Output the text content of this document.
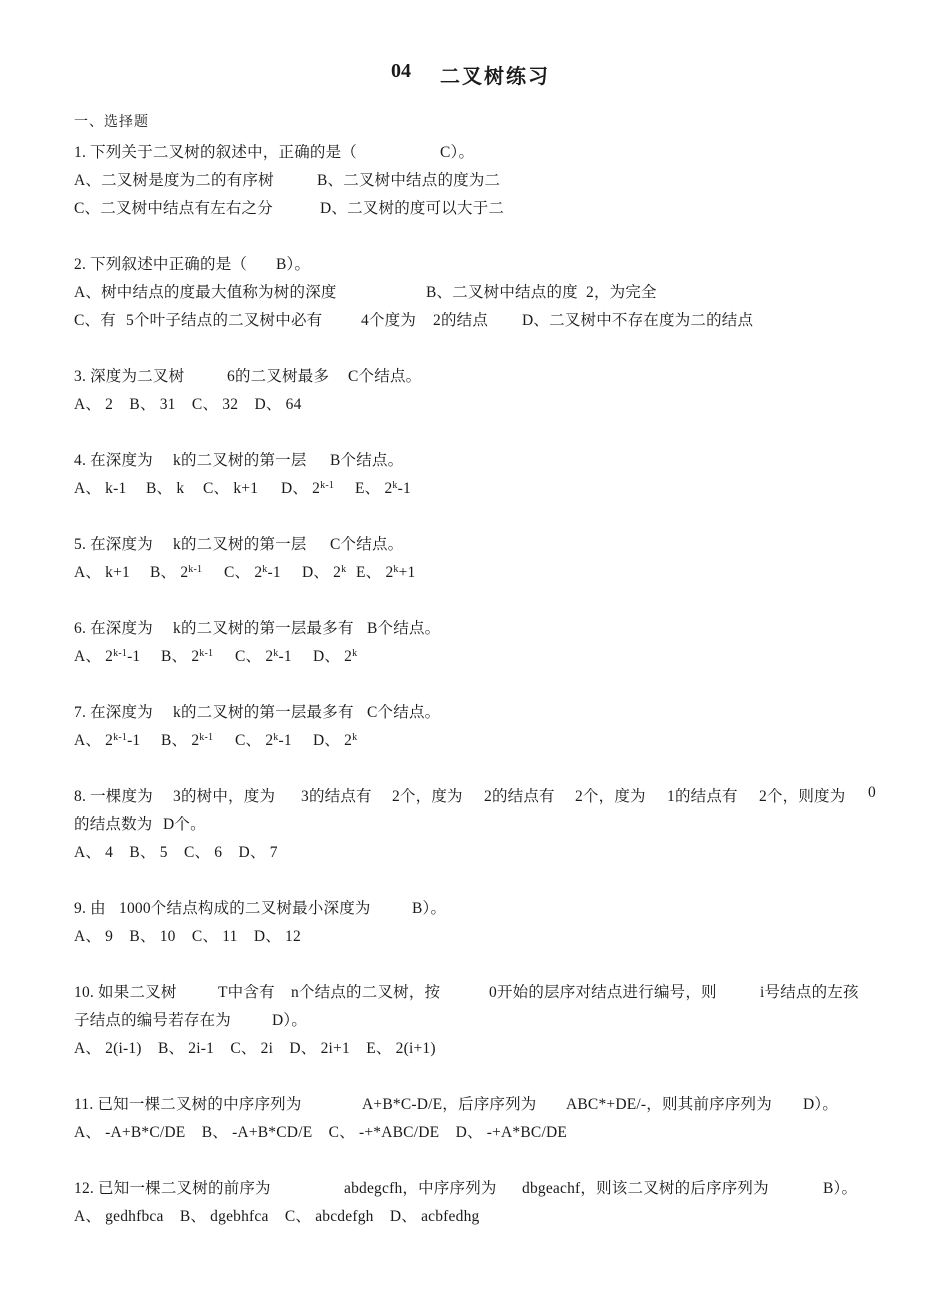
04 二叉树练习
一、选择题
1. 下列关于二叉树的叙述中，正确的是（	C）。
A、二叉树是度为二的有序树	B、二叉树中结点的度为二
C、二叉树中结点有左右之分	D、二叉树的度可以大于二
2. 下列叙述中正确的是（ B）。
A、树中结点的度最大值称为树的深度	B、二叉树中结点的度 2，为完全
C、有 5个叶子结点的二叉树中必有 4个度为 2的结点 D、二叉树中不存在度为二的结点
3. 深度为二叉树	6的二叉树最多 C个结点。
A、 2    B、 31    C、 32    D、 64
4. 在深度为 k的二叉树的第一层 B个结点。
A、 k-1 B、 k C、 k+1 D、 2$^{k-1}$ E、 2$^k$-1
5. 在深度为 k的二叉树的第一层 C个结点。
A、 k+1 B、 2$^{k-1}$ C、 2$^k$-1 D、 2$^k$ E、 $2^k+1$
6. 在深度为 k的二叉树的第一层最多有 B个结点。
A、 2$^{k-1}$-1 B、 2$^{k-1}$ C、 2$^k$-1 D、 2$^k$
7. 在深度为 k的二叉树的第一层最多有 C个结点。
A、 2$^{k-1}$-1 B、 2$^{k-1}$ C、 2$^k$-1 D、 2$^k$
8. 一棵度为 3的树中，度为 3的结点有 2个，度为 2的结点有 2个，度为 1的结点有 2个，则度为 0
的结点数为 D个。
A、 4    B、 5    C、 6    D、 7
9. 由 1000个结点构成的二叉树最小深度为	B）。
A、 9    B、 10    C、 11    D、 12
10. 如果二叉树	T中含有 n个结点的二叉树，按	0开始的层序对结点进行编号，则	i号结点的左孩
子结点的编号若存在为	D）。
A、 2(i-1)    B、 2i-1    C、 2i    D、 2i+1    E、 2(i+1)
11. 已知一棵二叉树的中序序列为	A+B*C-D/E，后序序列为 ABC*+DE/-，则其前序序列为 D）。
A、 -A+B*C/DE    B、 -A+B*CD/E    C、 -+*ABC/DE    D、 -+A*BC/DE
12. 已知一棵二叉树的前序为	abdegcfh，中序序列为 dbgeachf，则该二叉树的后序序列为	B）。
A、 gedhfbca    B、 dgebhfca    C、 abcdefgh    D、 acbfedhg
